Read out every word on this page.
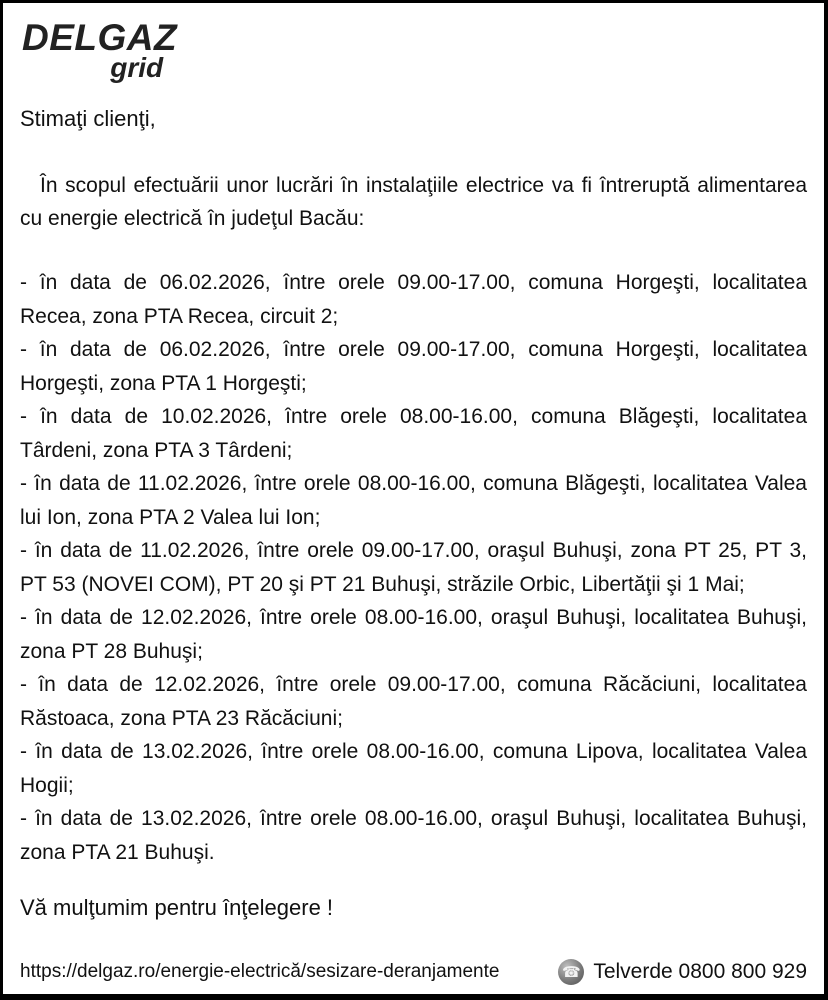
DELGAZ
grid

Stimaţi clienţi,

În scopul efectuării unor lucrări în instalaţiile electrice va fi întreruptă alimentarea cu energie electrică în judeţul Bacău:

- în data de 06.02.2026, între orele 09.00-17.00, comuna Horgeşti, localitatea Recea, zona PTA Recea, circuit 2;

- în data de 06.02.2026, între orele 09.00-17.00, comuna Horgeşti, localitatea Horgeşti, zona PTA 1 Horgeşti;

- în data de 10.02.2026, între orele 08.00-16.00, comuna Blăgeşti, localitatea Târdeni, zona PTA 3 Târdeni;

- în data de 11.02.2026, între orele 08.00-16.00, comuna Blăgeşti, localitatea Valea lui Ion, zona PTA 2 Valea lui Ion;

- în data de 11.02.2026, între orele 09.00-17.00, oraşul Buhuşi, zona PT 25, PT 3, PT 53 (NOVEI COM), PT 20 şi PT 21 Buhuşi, străzile Orbic, Libertăţii şi 1 Mai;

- în data de 12.02.2026, între orele 08.00-16.00, oraşul Buhuşi, localitatea Buhuşi, zona PT 28 Buhuşi;

- în data de 12.02.2026, între orele 09.00-17.00, comuna Răcăciuni, localitatea Răstoaca, zona PTA 23 Răcăciuni;

- în data de 13.02.2026, între orele 08.00-16.00, comuna Lipova, localitatea Valea Hogii;

- în data de 13.02.2026, între orele 08.00-16.00, oraşul Buhuşi, localitatea Buhuşi, zona PTA 21 Buhuşi.

Vă mulţumim pentru înţelegere !

https://delgaz.ro/energie-electrică/sesizare-deranjamente ☎	Telverde 0800 800 929
